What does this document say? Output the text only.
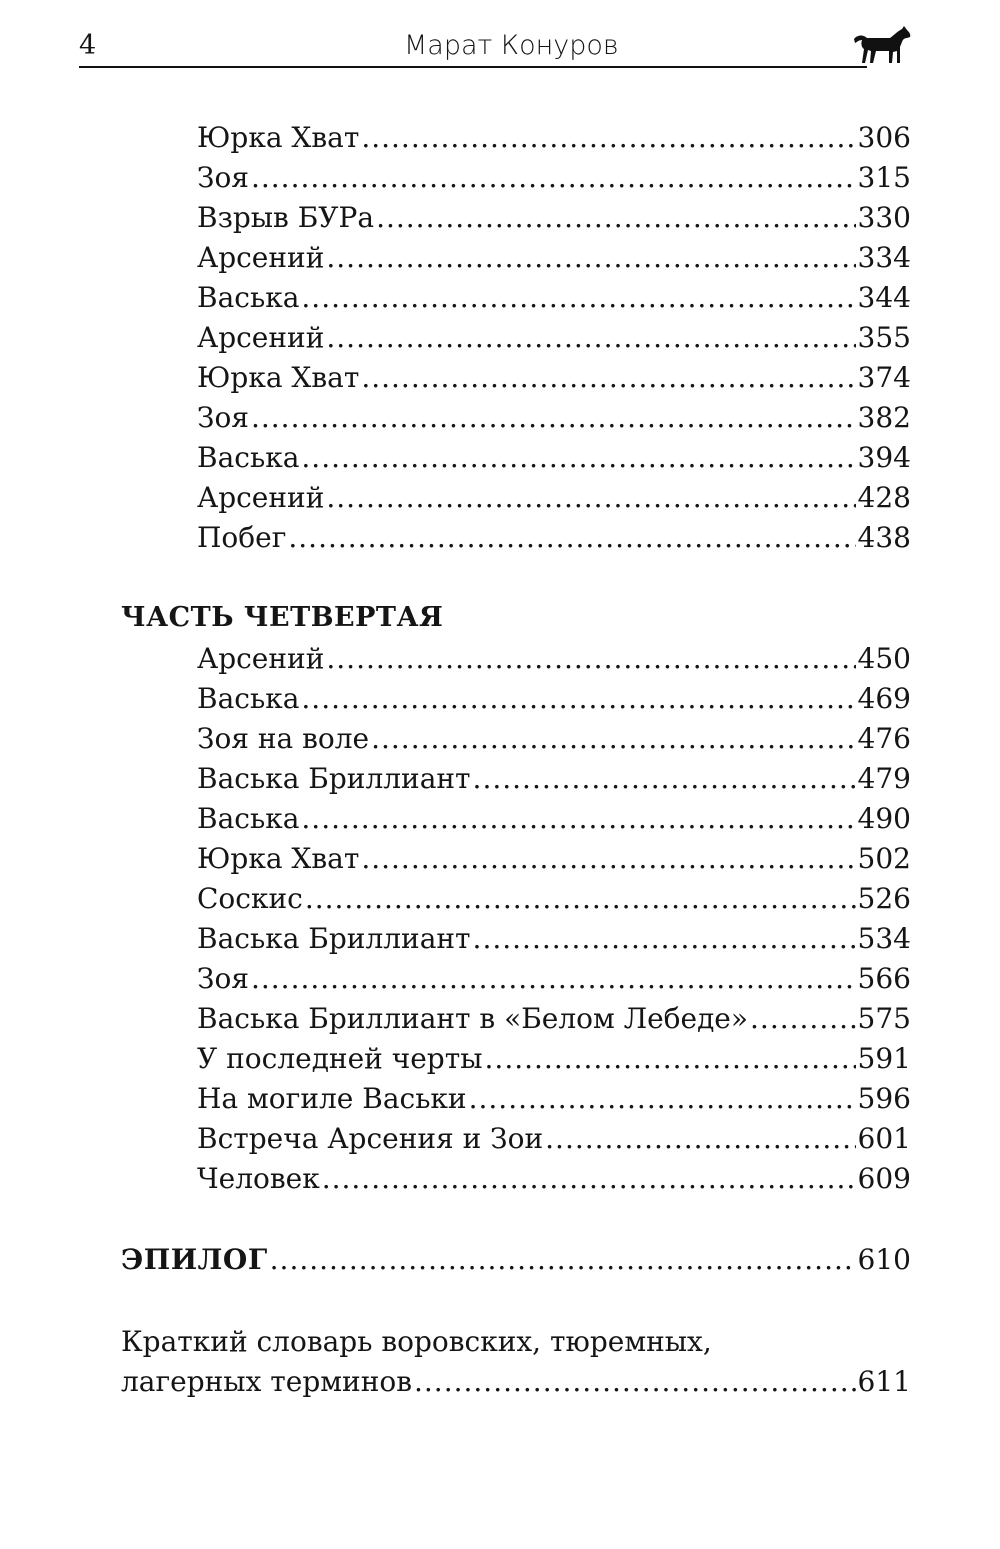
4	Марат Конуров
Юрка Хват .....	306
Зоя .....	315
Взрыв БУРа .....	330
Арсений .....	334
Васька .....	344
Арсений .....	355
Юрка Хват .....	374
Зоя .....	382
Васька .....	394
Арсений .....	428
Побег .....	438
ЧАСТЬ ЧЕТВЕРТАЯ
Арсений .....	450
Васька .....	469
Зоя на воле .....	476
Васька Бриллиант .....	479
Васька .....	490
Юрка Хват .....	502
Соскис .....	526
Васька Бриллиант .....	534
Зоя .....	566
Васька Бриллиант в «Белом Лебеде» .....	575
У последней черты .....	591
На могиле Васьки .....	596
Встреча Арсения и Зои .....	601
Человек .....	609
ЭПИЛОГ .....	610
Краткий словарь воровских, тюремных,
лагерных терминов .....	611
